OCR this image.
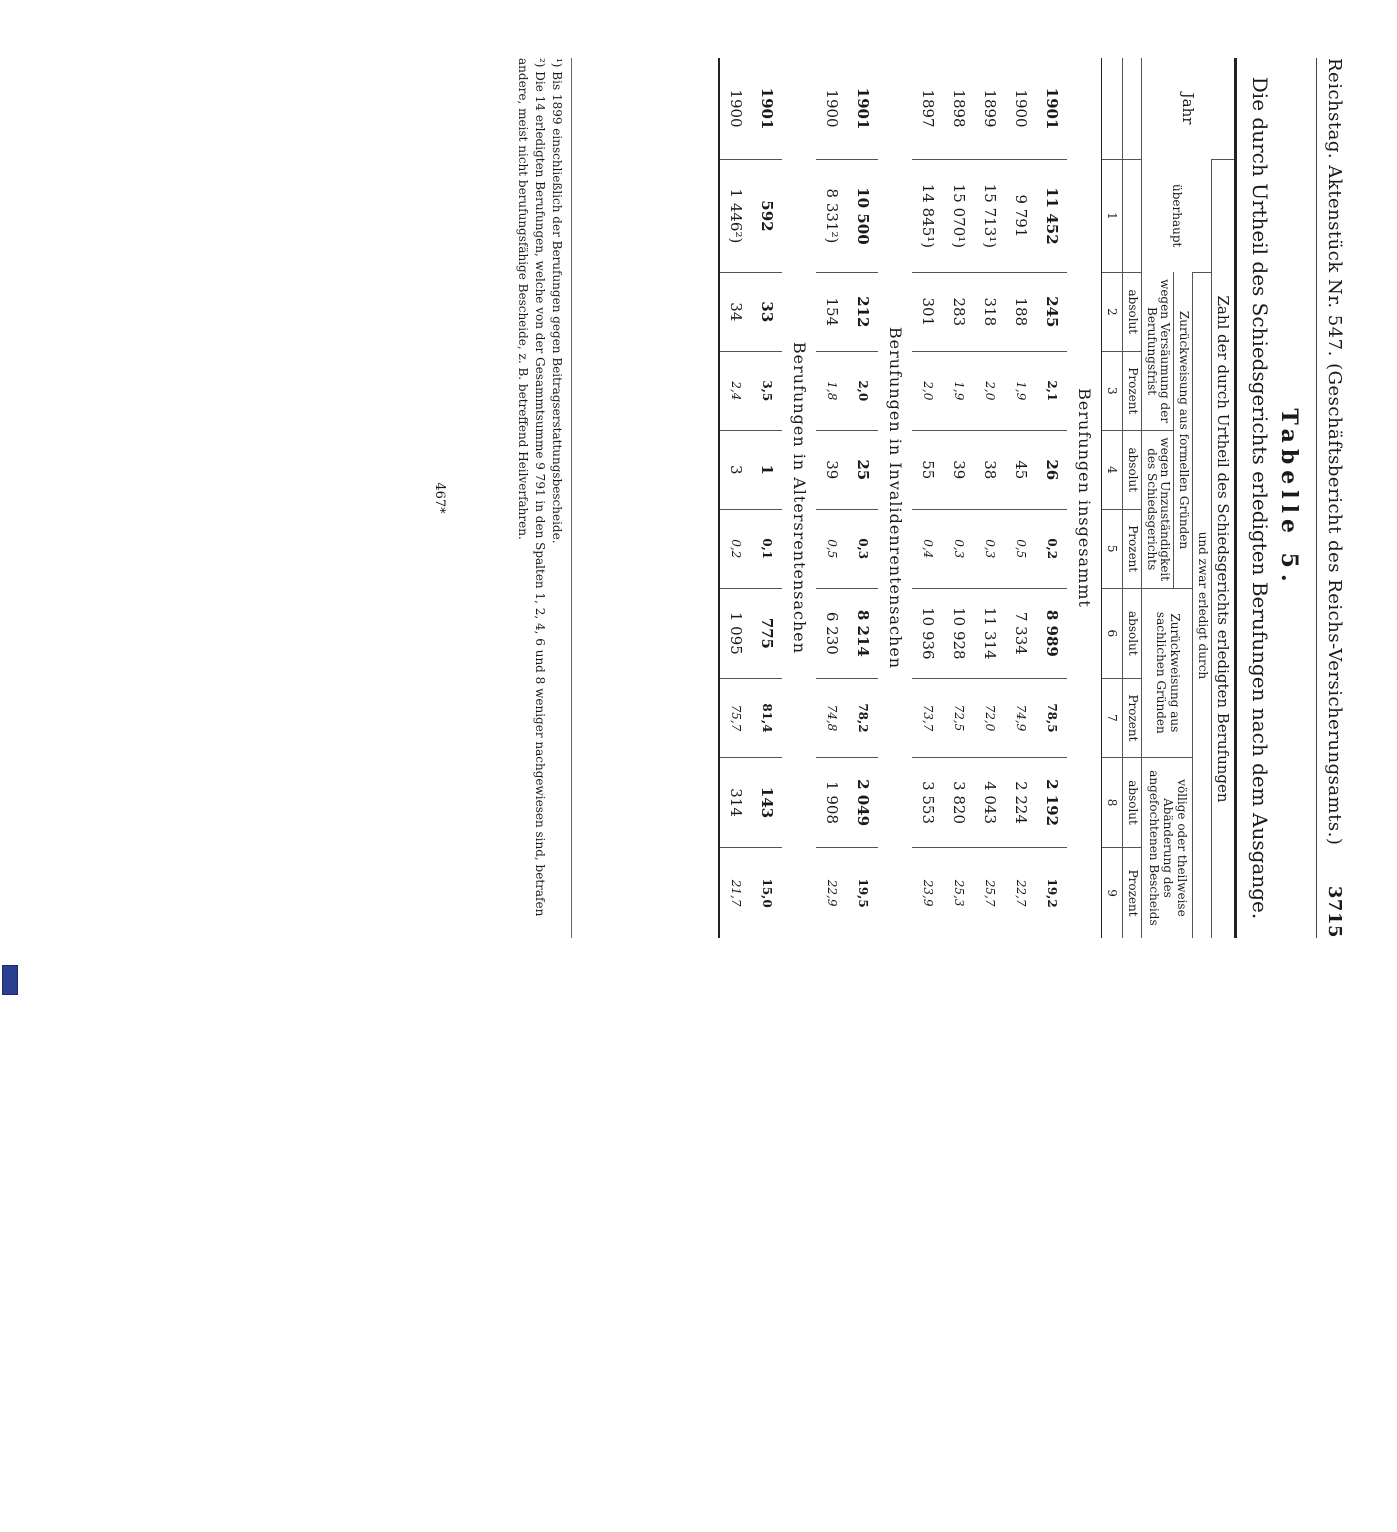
Reichstag. Aktenstück Nr. 547. (Geschäftsbericht des Reichs-Versicherungsamts.)
3715
Tabelle 5.
Die durch Urtheil des Schiedsgerichts erledigten Berufungen nach dem Ausgange.
Jahr	Zahl der durch Urtheil des Schiedsgerichts erledigten Berufungen								
	überhaupt	und zwar erledigt durch							
		Zurückweisung aus formellen Gründen				Zurückweisung aus sachlichen Gründen		völlige oder theilweise Abänderung des angefochtenen Bescheids	
		wegen Versäumung der Berufungsfrist		wegen Unzuständigkeit des Schiedsgerichts					
		absolut	Prozent	absolut	Prozent	absolut	Prozent	absolut	Prozent
	1	2	3	4	5	6	7	8	9
Berufungen insgesammt									
1901	11 452	245	2,1	26	0,2	8 989	78,5	2 192	19,2
1900	9 791	188	1,9	45	0,5	7 334	74,9	2 224	22,7
1899	15 713¹)	318	2,0	38	0,3	11 314	72,0	4 043	25,7
1898	15 070¹)	283	1,9	39	0,3	10 928	72,5	3 820	25,3
1897	14 845¹)	301	2,0	55	0,4	10 936	73,7	3 553	23,9
Berufungen in Invalidenrentensachen									
1901	10 500	212	2,0	25	0,3	8 214	78,2	2 049	19,5
1900	8 331²)	154	1,8	39	0,5	6 230	74,8	1 908	22,9
Berufungen in Altersrentensachen									
1901	592	33	3,5	1	0,1	775	81,4	143	15,0
1900	1 446²)	34	2,4	3	0,2	1 095	75,7	314	21,7
¹) Bis 1899 einschließlich der Berufungen gegen Beitragserstattungsbescheide.
²) Die 14 erledigten Berufungen, welche von der Gesammtsumme 9 791 in den Spalten 1, 2, 4, 6 und 8 weniger nachgewiesen sind, betrafen andere, meist nicht berufungsfähige Bescheide, z. B. betreffend Heilverfahren.
467*
